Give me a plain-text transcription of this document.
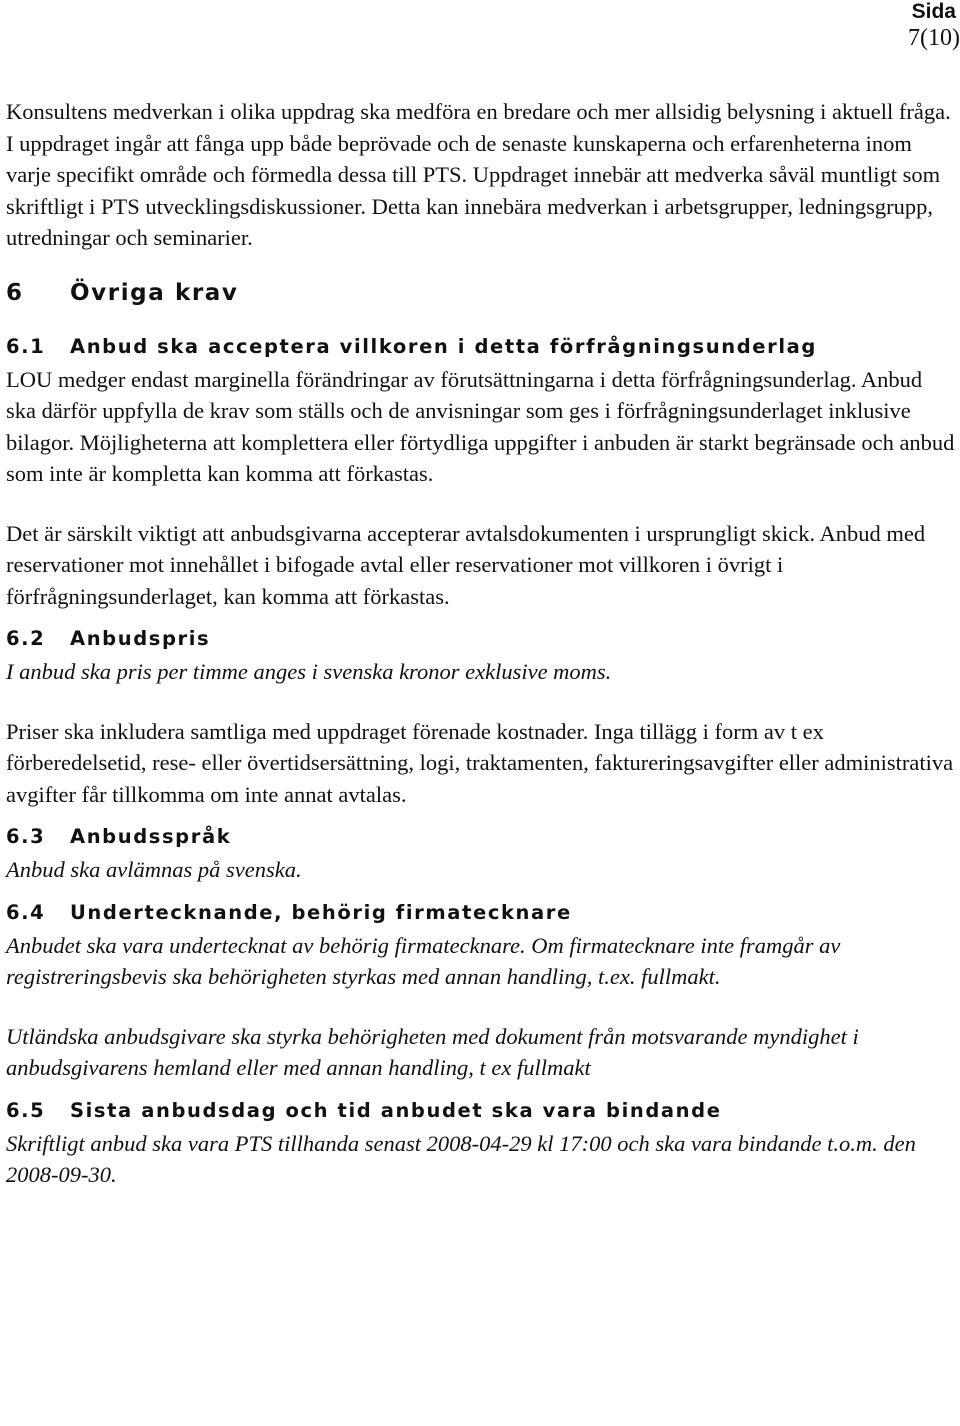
Sida
7(10)

Konsultens medverkan i olika uppdrag ska medföra en bredare och mer allsidig belysning i aktuell fråga. I uppdraget ingår att fånga upp både beprövade och de senaste kunskaperna och erfarenheterna inom varje specifikt område och förmedla dessa till PTS. Uppdraget innebär att medverka såväl muntligt som skriftligt i PTS utvecklingsdiskussioner. Detta kan innebära medverkan i arbetsgrupper, ledningsgrupp, utredningar och seminarier.

6 Övriga krav
6.1 Anbud ska acceptera villkoren i detta förfrågningsunderlag

LOU medger endast marginella förändringar av förutsättningarna i detta förfrågningsunderlag. Anbud ska därför uppfylla de krav som ställs och de anvisningar som ges i förfrågningsunderlaget inklusive bilagor. Möjligheterna att komplettera eller förtydliga uppgifter i anbuden är starkt begränsade och anbud som inte är kompletta kan komma att förkastas.

Det är särskilt viktigt att anbudsgivarna accepterar avtalsdokumenten i ursprungligt skick. Anbud med reservationer mot innehållet i bifogade avtal eller reservationer mot villkoren i övrigt i förfrågningsunderlaget, kan komma att förkastas.

6.2 Anbudspris

I anbud ska pris per timme anges i svenska kronor exklusive moms.

Priser ska inkludera samtliga med uppdraget förenade kostnader. Inga tillägg i form av t ex förberedelsetid, rese- eller övertidsersättning, logi, traktamenten, faktureringsavgifter eller administrativa avgifter får tillkomma om inte annat avtalas.

6.3 Anbudsspråk

Anbud ska avlämnas på svenska.

6.4 Undertecknande, behörig firmatecknare

Anbudet ska vara undertecknat av behörig firmatecknare. Om firmatecknare inte framgår av registreringsbevis ska behörigheten styrkas med annan handling, t.ex. fullmakt.

Utländska anbudsgivare ska styrka behörigheten med dokument från motsvarande myndighet i anbudsgivarens hemland eller med annan handling, t ex fullmakt

6.5 Sista anbudsdag och tid anbudet ska vara bindande

Skriftligt anbud ska vara PTS tillhanda senast 2008-04-29 kl 17:00 och ska vara bindande t.o.m. den 2008-09-30.
